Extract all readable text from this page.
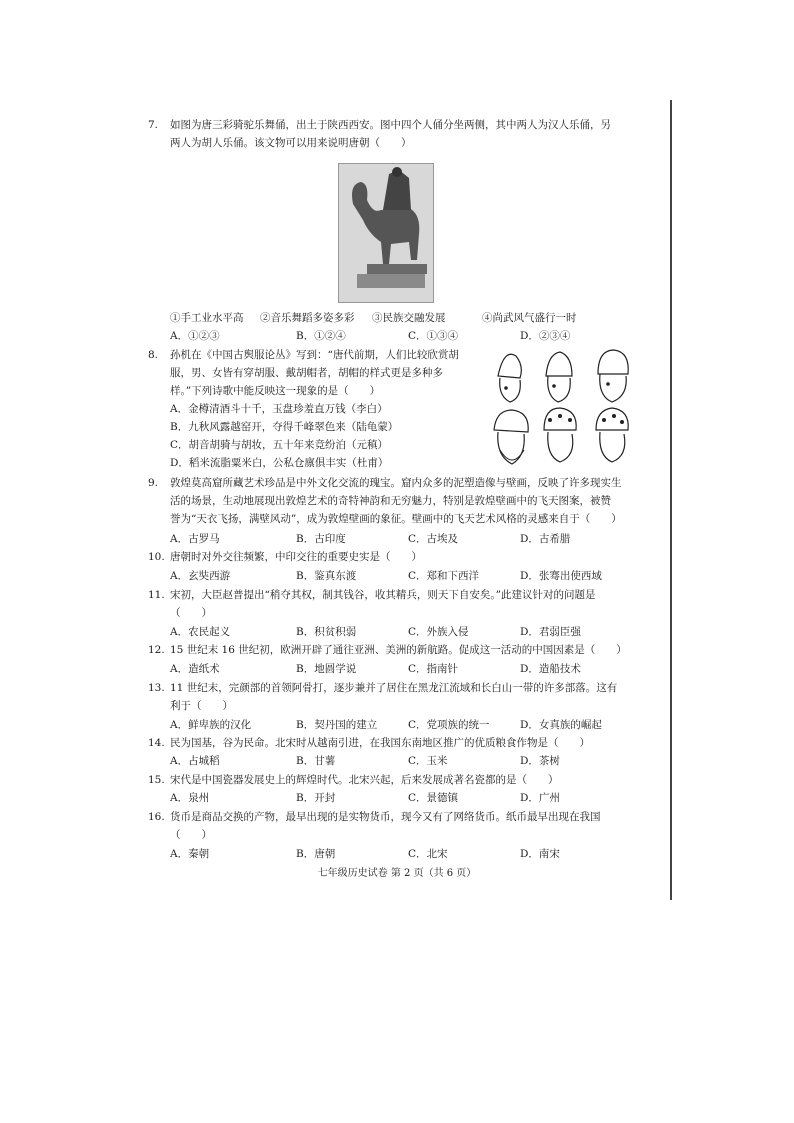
7. 如图为唐三彩骑驼乐舞俑，出土于陕西西安。图中四个人俑分坐两侧，其中两人为汉人乐俑，另
两人为胡人乐俑。该文物可以用来说明唐朝（　　）
①手工业水平高 ②音乐舞蹈多姿多彩 ③民族交融发展	④尚武风气盛行一时
A．①②③	B．①②④	C．①③④	D．②③④
8. 孙机在《中国古舆服论丛》写到：“唐代前期，人们比较欣赏胡
服，男、女皆有穿胡服、戴胡帽者，胡帽的样式更是多种多
样。”下列诗歌中能反映这一现象的是（　　）
A．金樽清酒斗十千，玉盘珍羞直万钱（李白）
B．九秋风露越窑开，夺得千峰翠色来（陆龟蒙）
C．胡音胡骑与胡妆，五十年来竞纷泊（元稹）
D．稻米流脂粟米白，公私仓廪俱丰实（杜甫）
9. 敦煌莫高窟所藏艺术珍品是中外文化交流的瑰宝。窟内众多的泥塑造像与壁画，反映了许多现实生
活的场景，生动地展现出敦煌艺术的奇特神韵和无穷魅力，特别是敦煌壁画中的飞天图案，被赞
誉为“天衣飞扬，满壁风动”，成为敦煌壁画的象征。壁画中的飞天艺术风格的灵感来自于（　　）
A．古罗马	B．古印度	C．古埃及	D．古希腊
10. 唐朝时对外交往频繁，中印交往的重要史实是（　　）
A．玄奘西游	B．鉴真东渡	C．郑和下西洋	D．张骞出使西域
11. 宋初，大臣赵普提出“稍夺其权，制其钱谷，收其精兵，则天下自安矣。”此建议针对的问题是
（　　）
A．农民起义	B．积贫积弱	C．外族入侵	D．君弱臣强
12. 15 世纪末 16 世纪初，欧洲开辟了通往亚洲、美洲的新航路。促成这一活动的中国因素是（　　）
A．造纸术	B．地圆学说	C．指南针	D．造船技术
13. 11 世纪末，完颜部的首领阿骨打，逐步兼并了居住在黑龙江流域和长白山一带的许多部落。这有
利于（　　）
A．鲜卑族的汉化	B．契丹国的建立	C．党项族的统一	D．女真族的崛起
14. 民为国基，谷为民命。北宋时从越南引进，在我国东南地区推广的优质粮食作物是（　　）
A．占城稻	B．甘薯	C．玉米	D．茶树
15. 宋代是中国瓷器发展史上的辉煌时代。北宋兴起，后来发展成著名瓷都的是（　　）
A．泉州	B．开封	C．景德镇	D．广州
16. 货币是商品交换的产物，最早出现的是实物货币，现今又有了网络货币。纸币最早出现在我国
（　　）
A．秦朝	B．唐朝	C．北宋	D．南宋
七年级历史试卷 第 2 页（共 6 页）
